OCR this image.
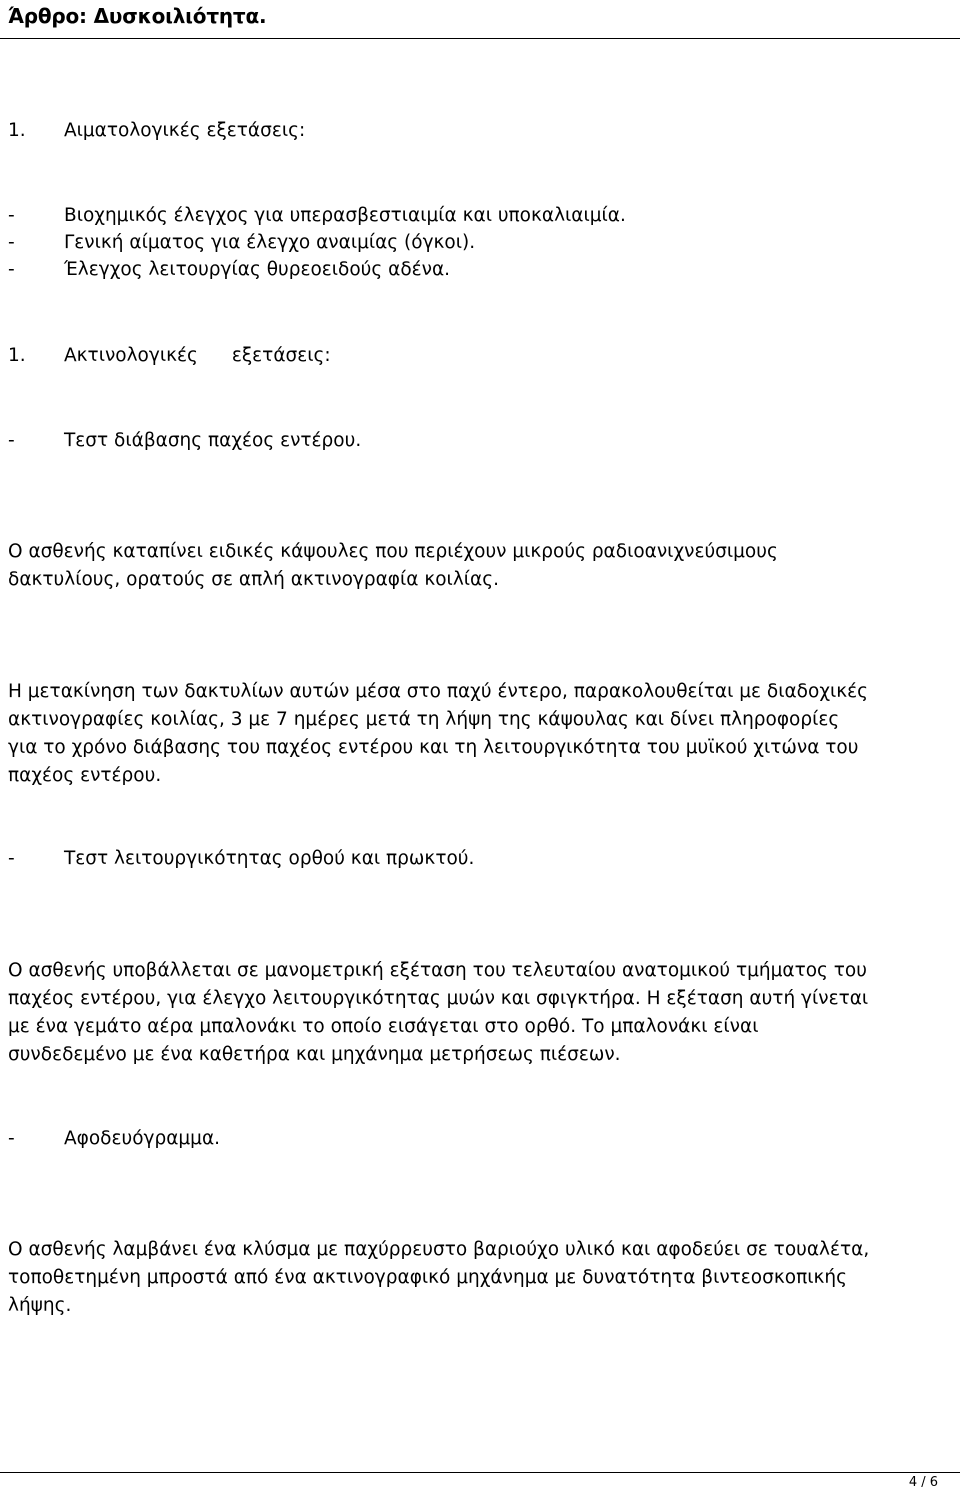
Άρθρο: Δυσκοιλιότητα.
1. Αιματολογικές εξετάσεις:
-	Βιοχημικός έλεγχος για υπερασβεστιαιμία και υποκαλιαιμία.
-	Γενική αίματος για έλεγχο αναιμίας (όγκοι).
-	Έλεγχος λειτουργίας θυρεοειδούς αδένα.
1. Ακτινολογικές εξετάσεις:
-	Τεστ διάβασης παχέος εντέρου.
Ο ασθενής καταπίνει ειδικές κάψουλες που περιέχουν μικρούς ραδιοανιχνεύσιμους
δακτυλίους, ορατούς σε απλή ακτινογραφία κοιλίας.
Η μετακίνηση των δακτυλίων αυτών μέσα στο παχύ έντερο, παρακολουθείται με διαδοχικές
ακτινογραφίες κοιλίας, 3 με 7 ημέρες μετά τη λήψη της κάψουλας και δίνει πληροφορίες
για το χρόνο διάβασης του παχέος εντέρου και τη λειτουργικότητα του μυϊκού χιτώνα του
παχέος εντέρου.
-	Τεστ λειτουργικότητας ορθού και πρωκτού.
Ο ασθενής υποβάλλεται σε μανομετρική εξέταση του τελευταίου ανατομικού τμήματος του
παχέος εντέρου, για έλεγχο λειτουργικότητας μυών και σφιγκτήρα. Η εξέταση αυτή γίνεται
με ένα γεμάτο αέρα μπαλονάκι το οποίο εισάγεται στο ορθό. Το μπαλονάκι είναι
συνδεδεμένο με ένα καθετήρα και μηχάνημα μετρήσεως πιέσεων.
-	Αφοδευόγραμμα.
Ο ασθενής λαμβάνει ένα κλύσμα με παχύρρευστο βαριούχο υλικό και αφοδεύει σε τουαλέτα,
τοποθετημένη μπροστά από ένα ακτινογραφικό μηχάνημα με δυνατότητα βιντεοσκοπικής
λήψης.
4 / 6
